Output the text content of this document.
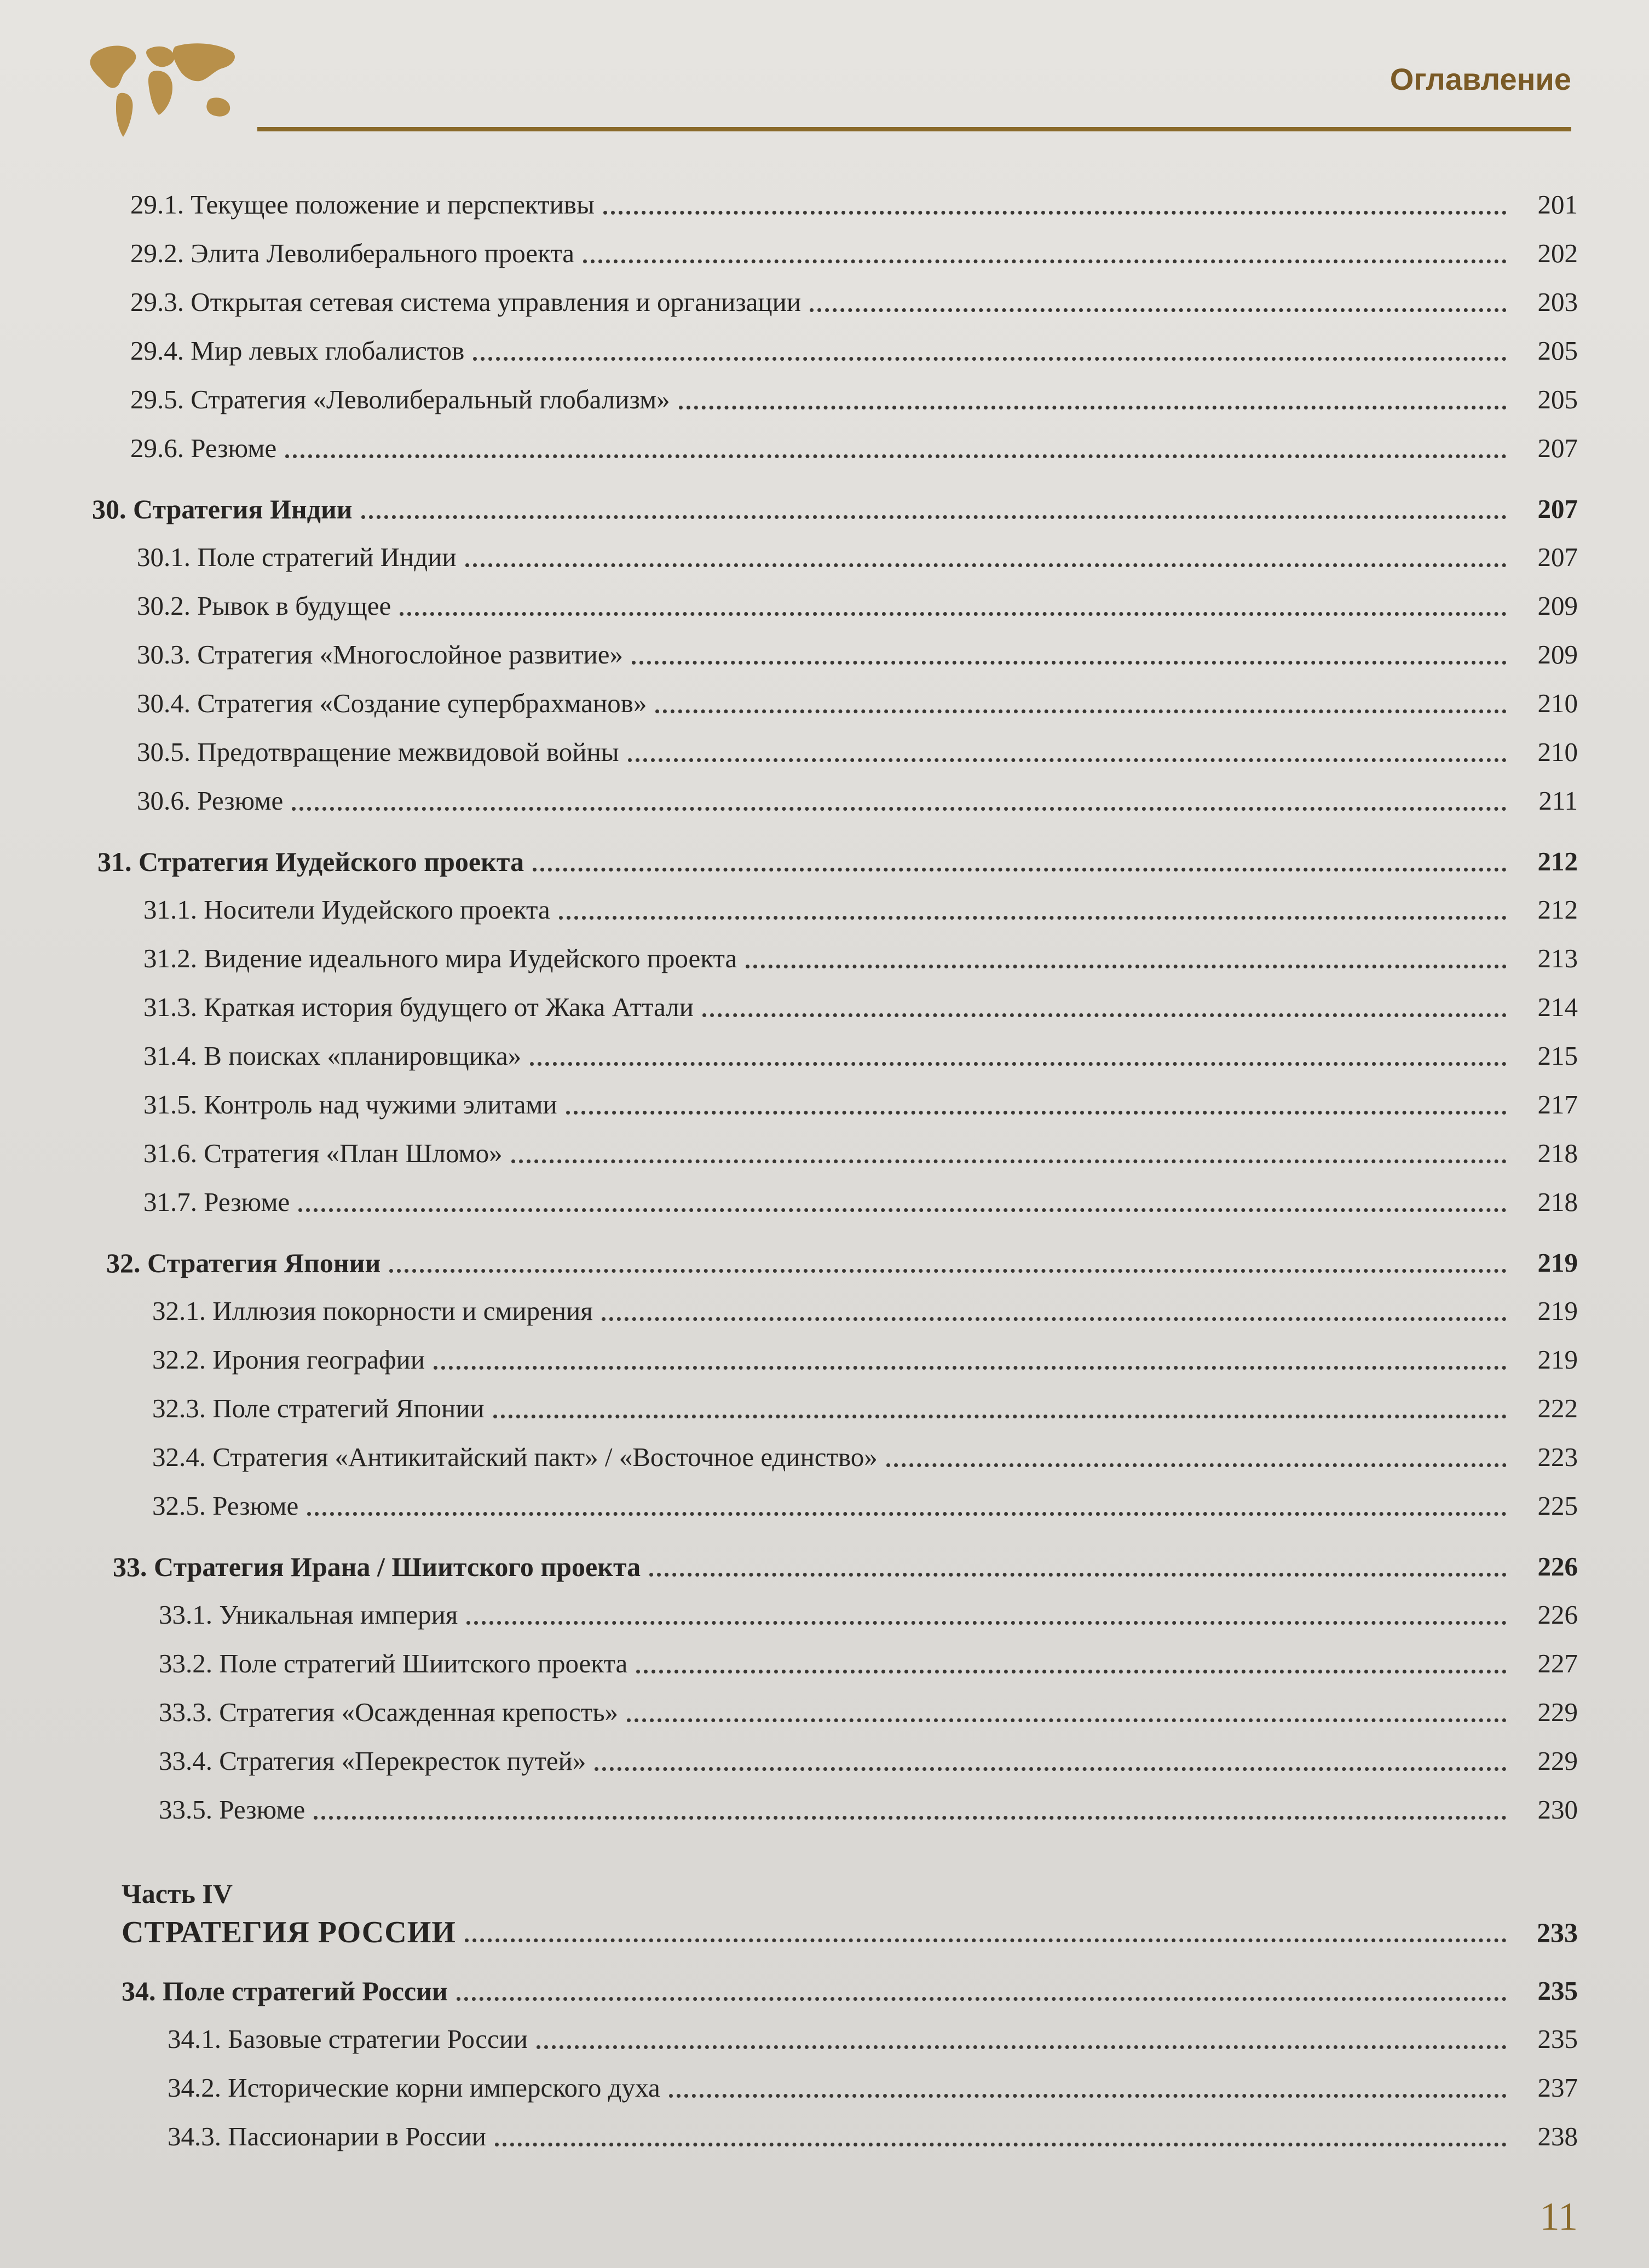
Оглавление
29.1. Текущее положение и перспективы	201
29.2. Элита Леволиберального проекта	202
29.3. Открытая сетевая система управления и организации	203
29.4. Мир левых глобалистов	205
29.5. Стратегия «Леволиберальный глобализм»	205
29.6. Резюме	207
30. Стратегия Индии	207
30.1. Поле стратегий Индии	207
30.2. Рывок в будущее	209
30.3. Стратегия «Многослойное развитие»	209
30.4. Стратегия «Создание супербрахманов»	210
30.5. Предотвращение межвидовой войны	210
30.6. Резюме	211
31. Стратегия Иудейского проекта	212
31.1. Носители Иудейского проекта	212
31.2. Видение идеального мира Иудейского проекта	213
31.3. Краткая история будущего от Жака Аттали	214
31.4. В поисках «планировщика»	215
31.5. Контроль над чужими элитами	217
31.6. Стратегия «План Шломо»	218
31.7. Резюме	218
32. Стратегия Японии	219
32.1. Иллюзия покорности и смирения	219
32.2. Ирония географии	219
32.3. Поле стратегий Японии	222
32.4. Стратегия «Антикитайский пакт» / «Восточное единство»	223
32.5. Резюме	225
33. Стратегия Ирана / Шиитского проекта	226
33.1. Уникальная империя	226
33.2. Поле стратегий Шиитского проекта	227
33.3. Стратегия «Осажденная крепость»	229
33.4. Стратегия «Перекресток путей»	229
33.5. Резюме	230
Часть IV
СТРАТЕГИЯ РОССИИ	233
34. Поле стратегий России	235
34.1. Базовые стратегии России	235
34.2. Исторические корни имперского духа	237
34.3. Пассионарии в России	238
11
